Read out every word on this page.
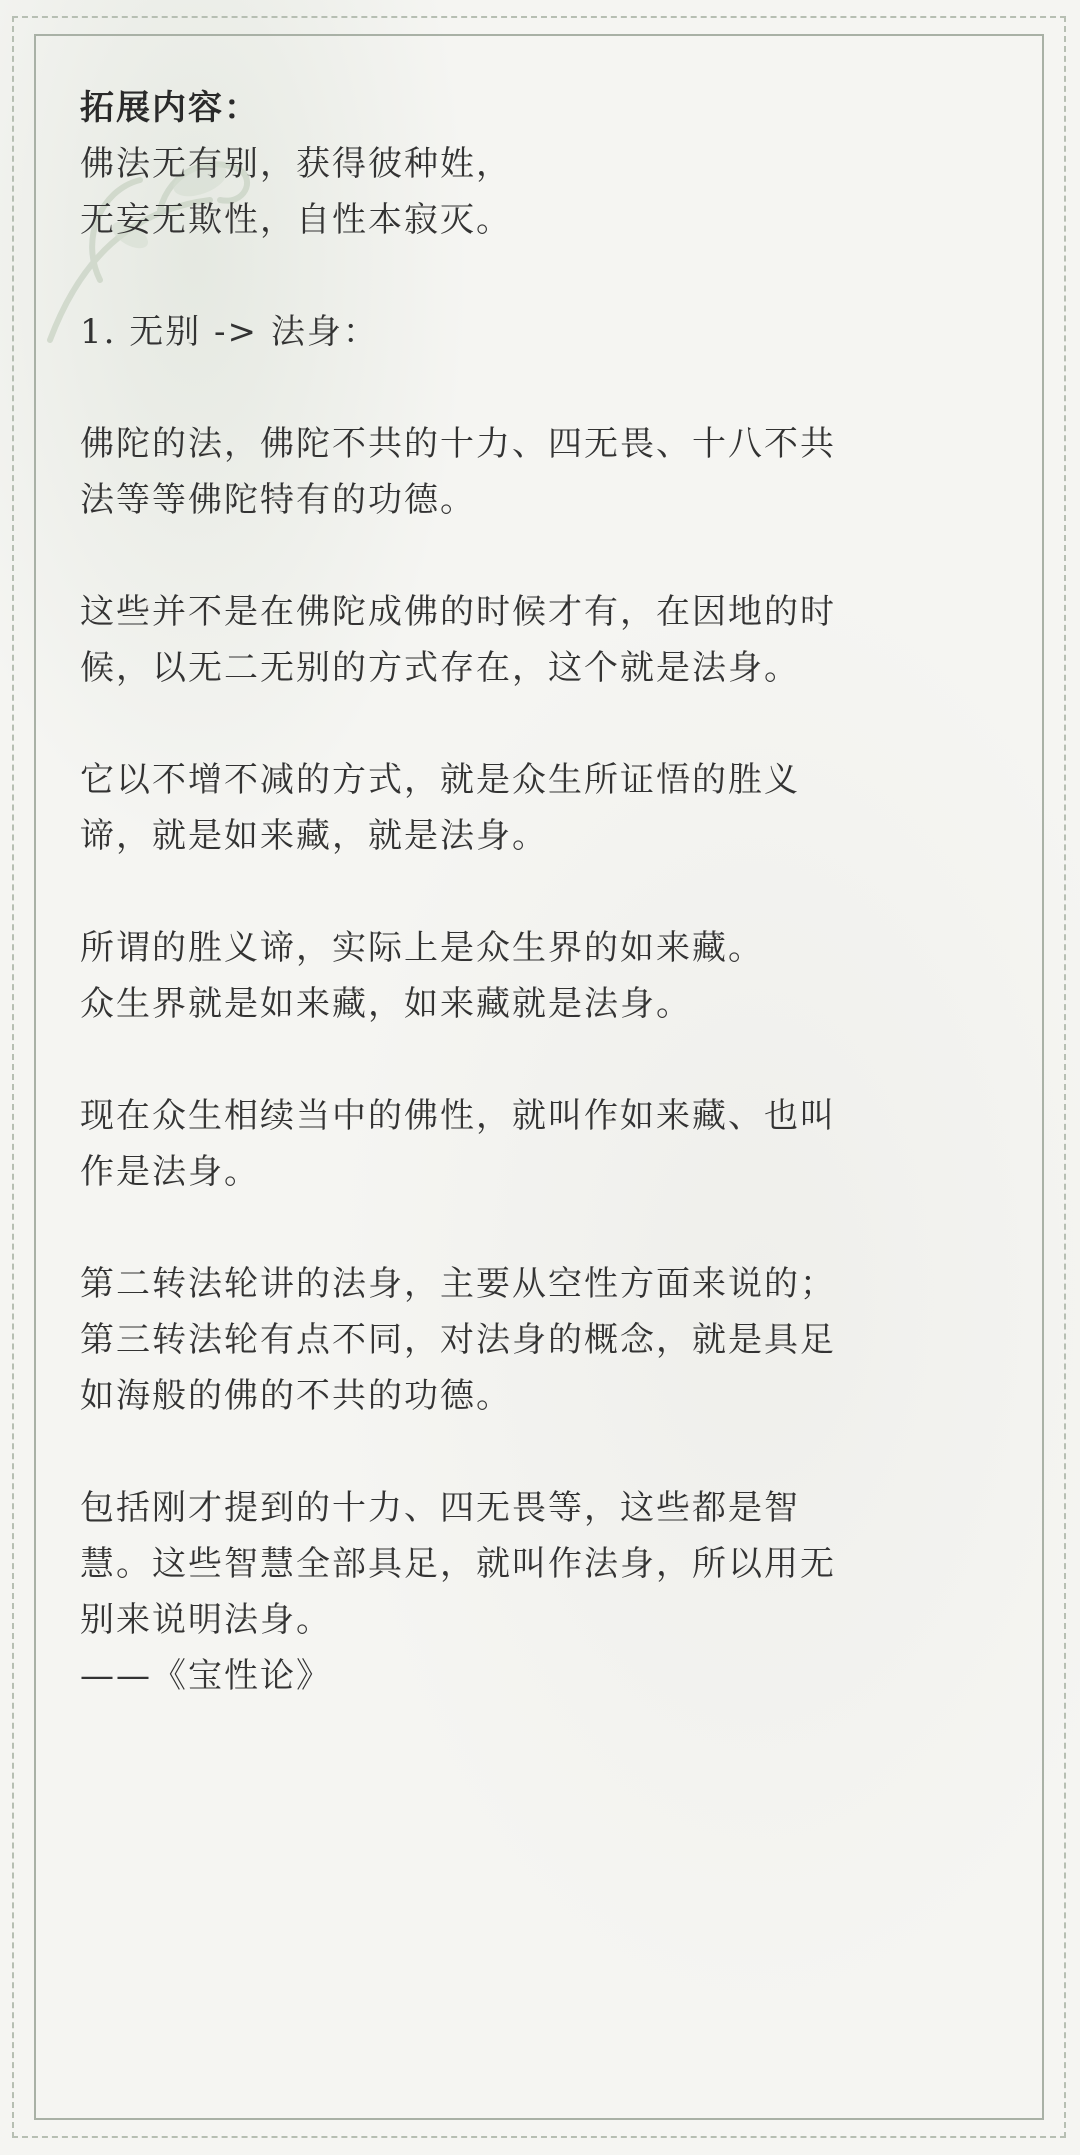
拓展内容：
佛法无有别，获得彼种姓，
无妄无欺性，自性本寂灭。
1. 无别 -> 法身：
佛陀的法，佛陀不共的十力、四无畏、十八不共
法等等佛陀特有的功德。
这些并不是在佛陀成佛的时候才有，在因地的时
候，以无二无别的方式存在，这个就是法身。
它以不增不减的方式，就是众生所证悟的胜义
谛，就是如来藏，就是法身。
所谓的胜义谛，实际上是众生界的如来藏。
众生界就是如来藏，如来藏就是法身。
现在众生相续当中的佛性，就叫作如来藏、也叫
作是法身。
第二转法轮讲的法身，主要从空性方面来说的；
第三转法轮有点不同，对法身的概念，就是具足
如海般的佛的不共的功德。
包括刚才提到的十力、四无畏等，这些都是智
慧。这些智慧全部具足，就叫作法身，所以用无
别来说明法身。
——《宝性论》
